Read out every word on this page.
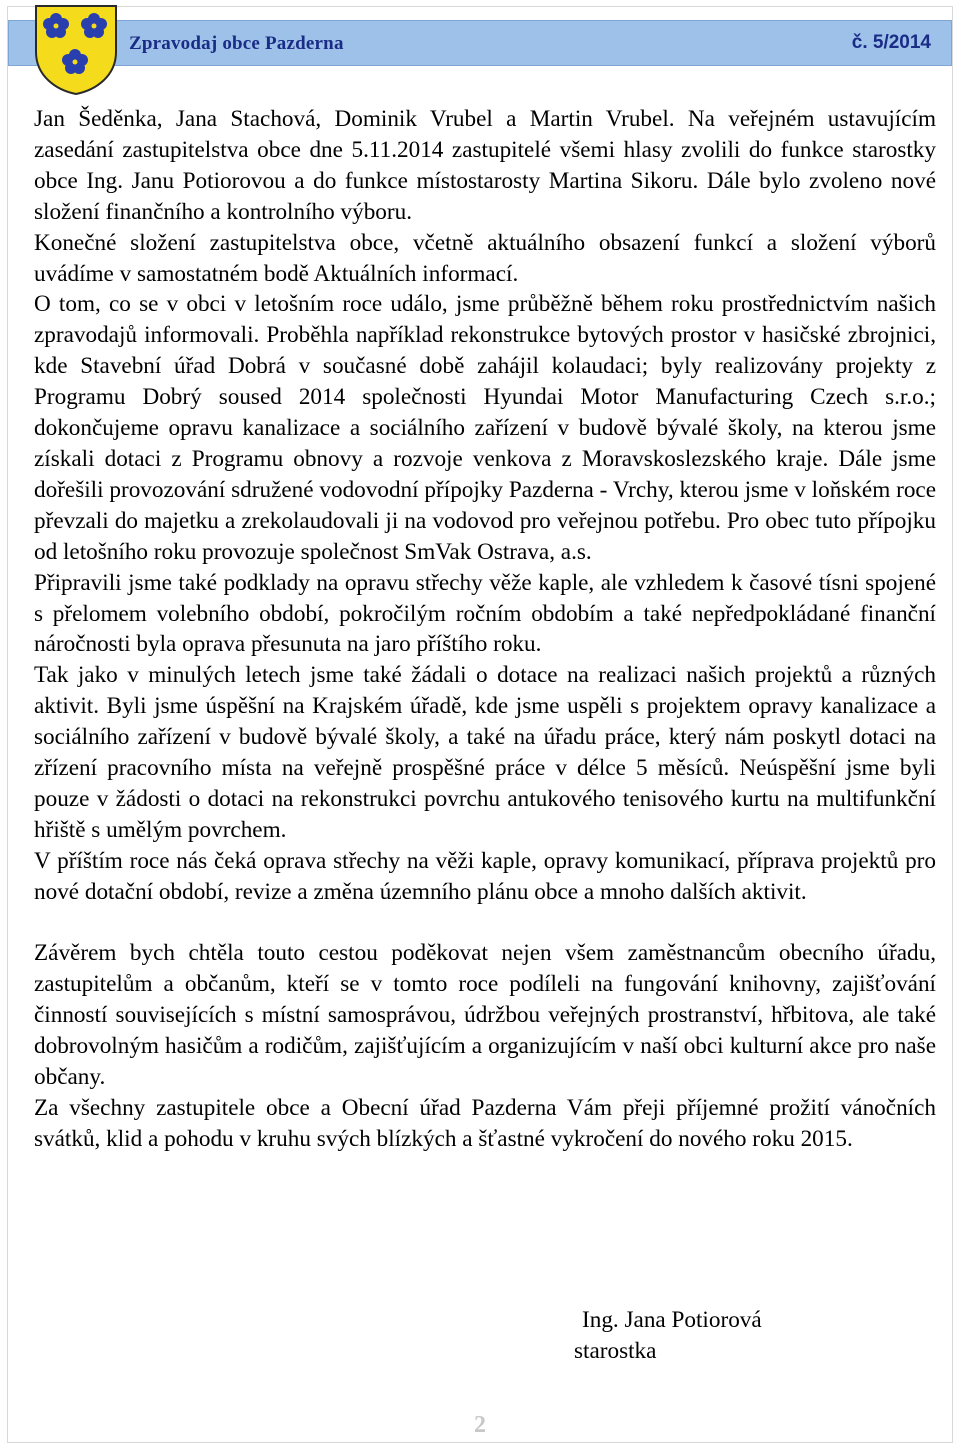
Zpravodaj obce Pazderna	č. 5/2014

Jan Šeděnka, Jana Stachová, Dominik Vrubel a Martin Vrubel. Na veřejném ustavujícím zasedání zastupitelstva obce dne 5.11.2014 zastupitelé všemi hlasy zvolili do funkce starostky obce Ing. Janu Potiorovou a do funkce místostarosty Martina Sikoru. Dále bylo zvoleno nové složení finančního a kontrolního výboru.

Konečné složení zastupitelstva obce, včetně aktuálního obsazení funkcí a složení výborů uvádíme v samostatném bodě Aktuálních informací.

O tom, co se v obci v letošním roce událo, jsme průběžně během roku prostřednictvím našich zpravodajů informovali. Proběhla například rekonstrukce bytových prostor v hasičské zbrojnici, kde Stavební úřad Dobrá v současné době zahájil kolaudaci; byly realizovány projekty z Programu Dobrý soused 2014 společnosti Hyundai Motor Manufacturing Czech s.r.o.; dokončujeme opravu kanalizace a sociálního zařízení v budově bývalé školy, na kterou jsme získali dotaci z Programu obnovy a rozvoje venkova z Moravskoslezského kraje. Dále jsme dořešili provozování sdružené vodovodní přípojky Pazderna - Vrchy, kterou jsme v loňském roce převzali do majetku a zrekolaudovali ji na vodovod pro veřejnou potřebu. Pro obec tuto přípojku od letošního roku provozuje společnost SmVak Ostrava, a.s.

Připravili jsme také podklady na opravu střechy věže kaple, ale vzhledem k časové tísni spojené s přelomem volebního období, pokročilým ročním obdobím a také nepředpokládané finanční náročnosti byla oprava přesunuta na jaro příštího roku.

Tak jako v minulých letech jsme také žádali o dotace na realizaci našich projektů a různých aktivit. Byli jsme úspěšní na Krajském úřadě, kde jsme uspěli s projektem opravy kanalizace a sociálního zařízení v budově bývalé školy, a také na úřadu práce, který nám poskytl dotaci na zřízení pracovního místa na veřejně prospěšné práce v délce 5 měsíců. Neúspěšní jsme byli pouze v žádosti o dotaci na rekonstrukci povrchu antukového tenisového kurtu na multifunkční hřiště s umělým povrchem.

V příštím roce nás čeká oprava střechy na věži kaple, opravy komunikací, příprava projektů pro nové dotační období, revize a změna územního plánu obce a mnoho dalších aktivit.

Závěrem bych chtěla touto cestou poděkovat nejen všem zaměstnancům obecního úřadu, zastupitelům a občanům, kteří se v tomto roce podíleli na fungování knihovny, zajišťování činností souvisejících s místní samosprávou, údržbou veřejných prostranství, hřbitova, ale také dobrovolným hasičům a rodičům, zajišťujícím a organizujícím v naší obci kulturní akce pro naše občany.

Za všechny zastupitele obce a Obecní úřad Pazderna Vám přeji příjemné prožití vánočních svátků, klid a pohodu v kruhu svých blízkých a šťastné vykročení do nového roku 2015.

Ing. Jana Potiorová
starostka
2
